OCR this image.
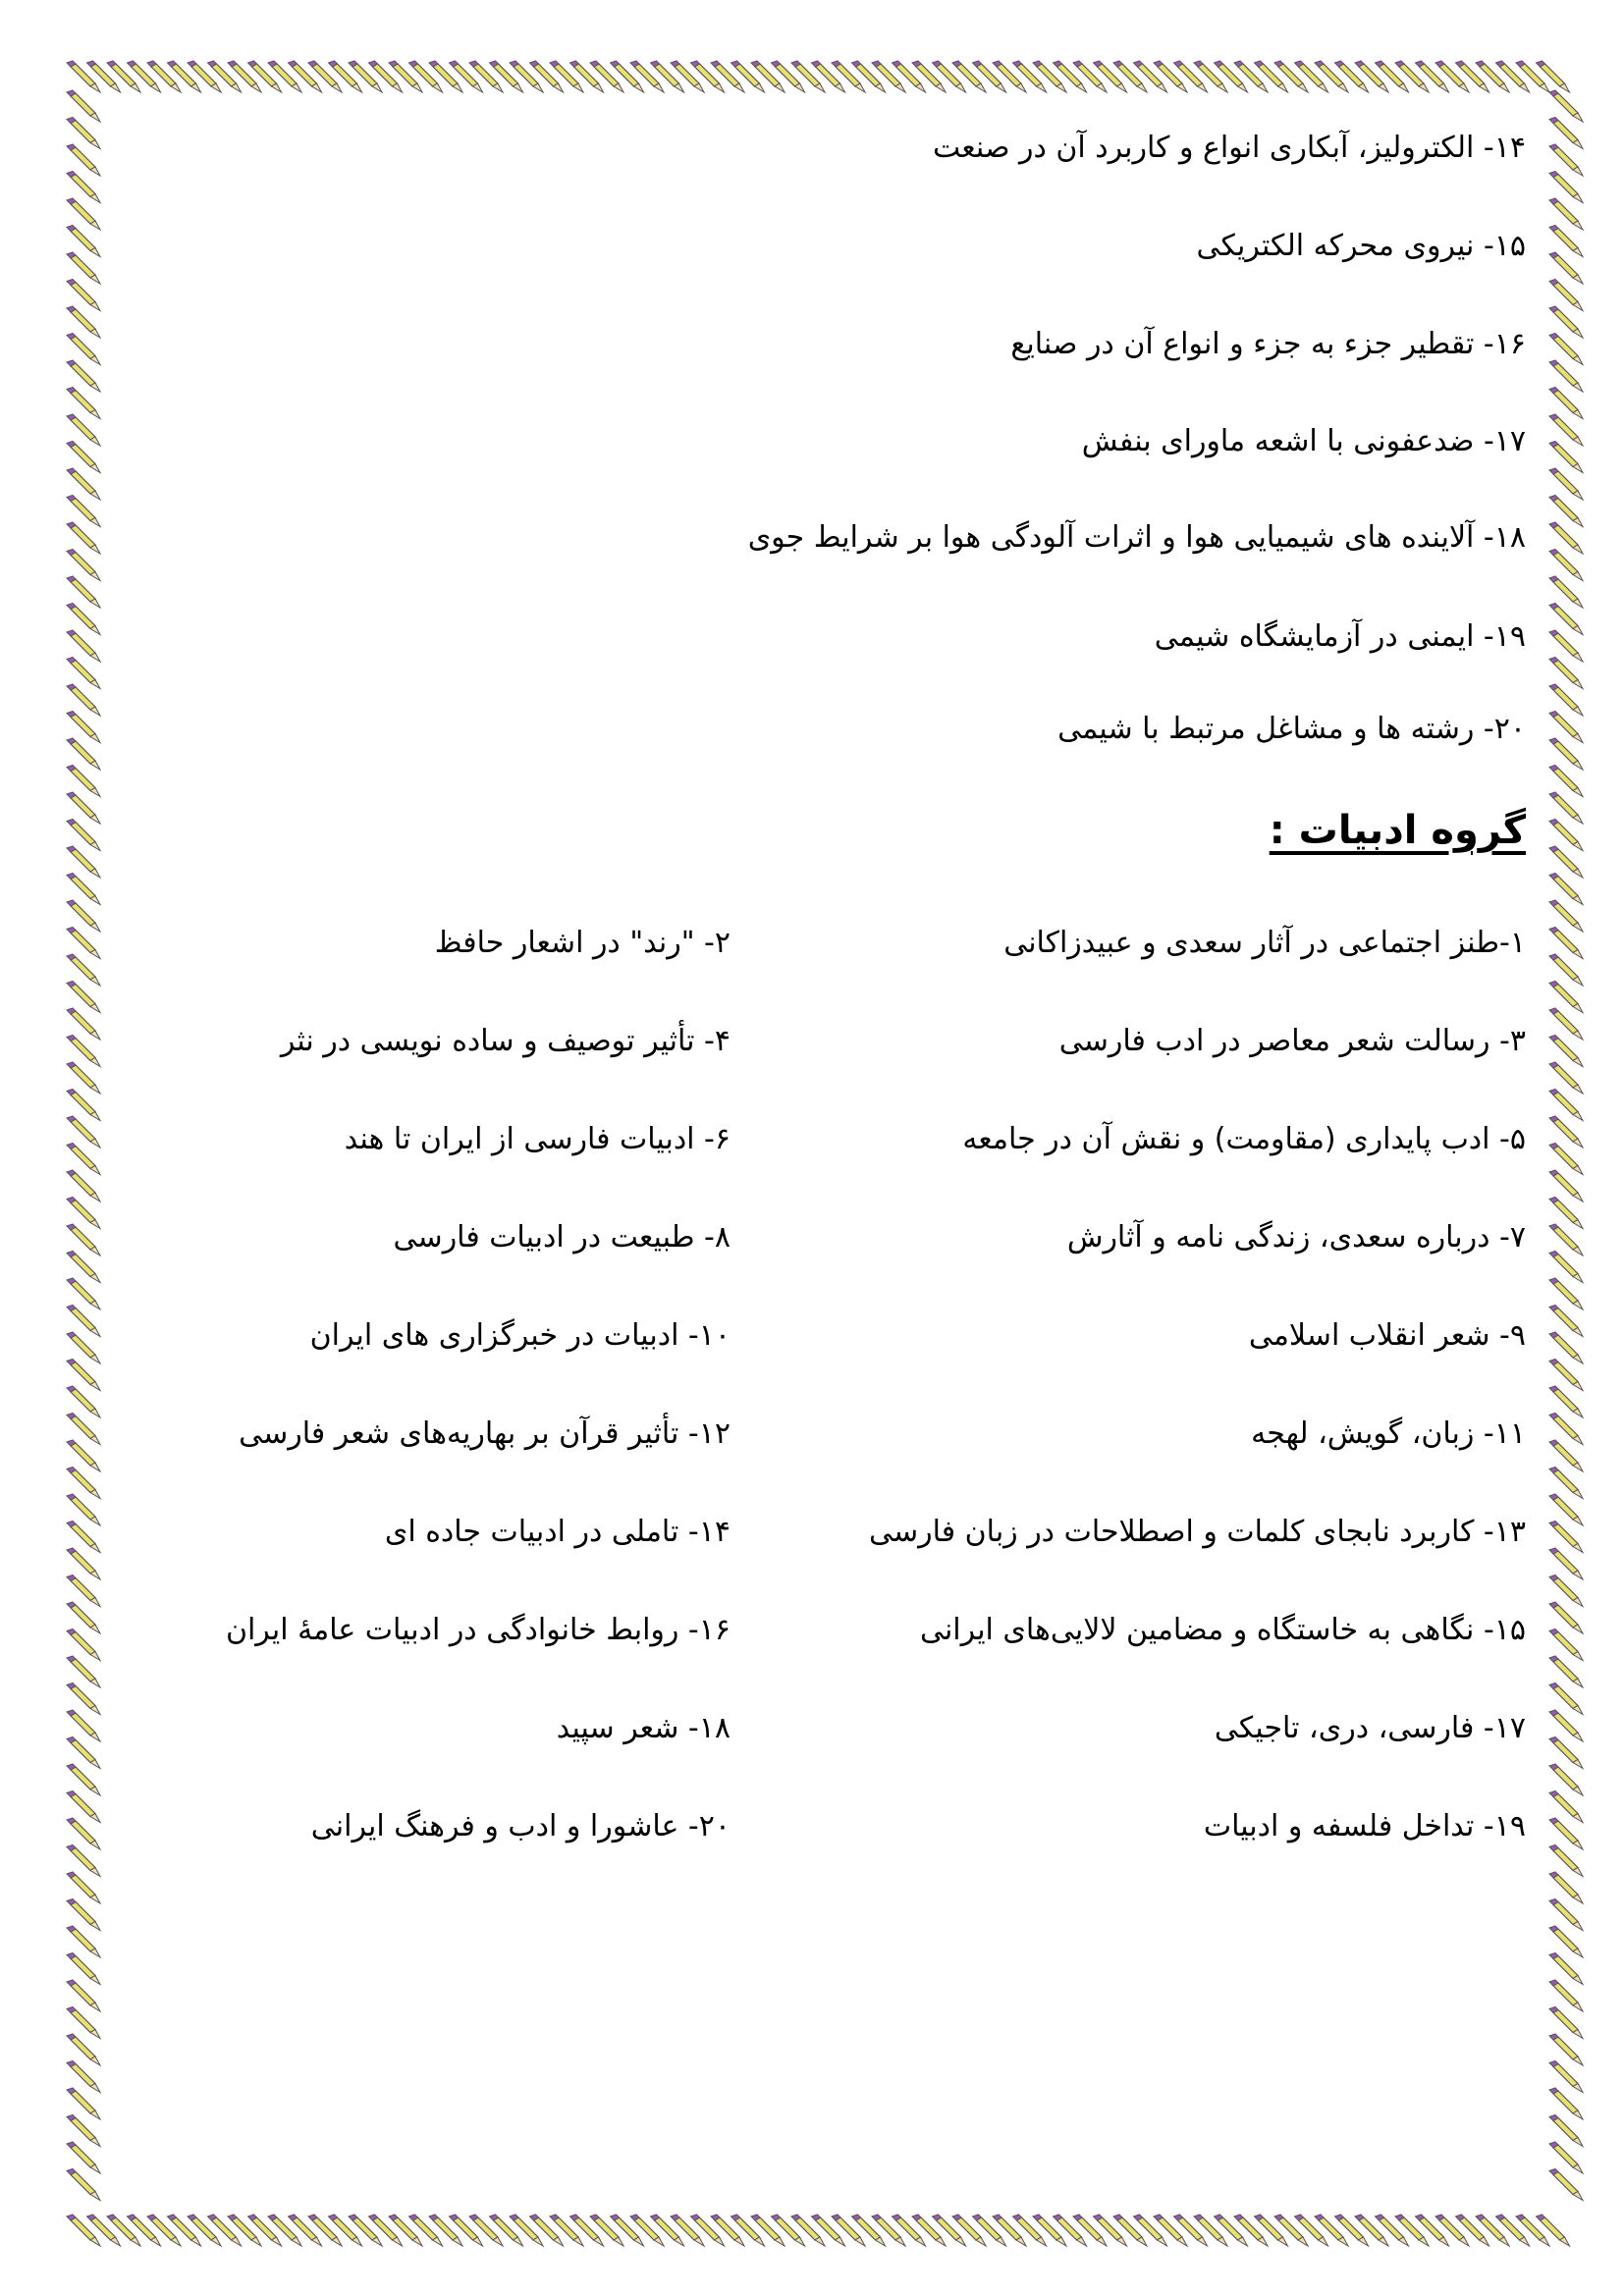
۱۴- الکترولیز، آبکاری انواع و کاربرد آن در صنعت
۱۵- نیروی محرکه الکتریکی
۱۶- تقطیر جزء به جزء و انواع آن در صنایع
۱۷- ضدعفونی با اشعه ماورای بنفش
۱۸- آلاینده های شیمیایی هوا و اثرات آلودگی هوا بر شرایط جوی
۱۹- ایمنی در آزمایشگاه شیمی
۲۰- رشته ها و مشاغل مرتبط با شیمی
گروه ادبیات :
۱-طنز اجتماعی در آثار سعدی و عبیدزاکانی
۳- رسالت شعر معاصر در ادب فارسی
۵- ادب پایداری (مقاومت) و نقش آن در جامعه
۷- درباره سعدی، زندگی نامه و آثارش
۹- شعر انقلاب اسلامی
۱۱- زبان، گویش، لهجه
۱۳- کاربرد نابجای کلمات و اصطلاحات در زبان فارسی
۱۵- نگاهی به خاستگاه و مضامین لالایی‌های ایرانی
۱۷- فارسی، دری، تاجیکی
۱۹- تداخل فلسفه و ادبیات
۲- "رند" در اشعار حافظ
۴- تأثیر توصیف و ساده نویسی در نثر
۶- ادبیات فارسی از ایران تا هند
۸- طبیعت در ادبیات فارسی
۱۰- ادبیات در خبرگزاری های ایران
۱۲- تأثیر قرآن بر بهاریه‌های شعر فارسی
۱۴- تاملی در ادبیات جاده ای
۱۶- روابط خانوادگی در ادبیات عامهٔ ایران
۱۸- شعر سپید
۲۰- عاشورا و ادب و فرهنگ ایرانی
